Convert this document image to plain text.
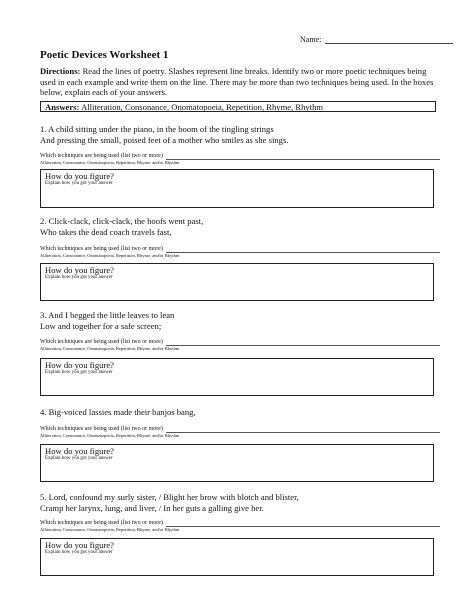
Name:
Poetic Devices Worksheet 1
Directions: Read the lines of poetry. Slashes represent line breaks. Identify two or more poetic techniques being used in each example and write them on the line. There may be more than two techniques being used. In the boxes below, explain each of your answers.
Answers: Alliteration, Consonance, Onomatopoeia, Repetition, Rhyme, Rhythm
1. A child sitting under the piano, in the boom of the tingling strings
And pressing the small, poised feet of a mother who smiles as she sings.
Which techniques are being used (list two or more)
Alliteration, Consonance, Onomatopoeia, Repetition, Rhyme, and/or Rhythm
How do you figure?
Explain how you got your answer
2. Click-clack, click-clack, the hoofs went past,
Who takes the dead coach travels fast,
Which techniques are being used (list two or more)
Alliteration, Consonance, Onomatopoeia, Repetition, Rhyme, and/or Rhythm
How do you figure?
Explain how you got your answer
3. And I begged the little leaves to lean
Low and together for a safe screen;
Which techniques are being used (list two or more)
Alliteration, Consonance, Onomatopoeia, Repetition, Rhyme, and/or Rhythm
How do you figure?
Explain how you got your answer
4. Big-voiced lassies made their banjos bang,
Which techniques are being used (list two or more)
Alliteration, Consonance, Onomatopoeia, Repetition, Rhyme, and/or Rhythm
How do you figure?
Explain how you got your answer
5. Lord, confound my surly sister, / Blight her brow with blotch and blister,
Cramp her larynx, lung, and liver, / In her guts a galling give her.
Which techniques are being used (list two or more)
Alliteration, Consonance, Onomatopoeia, Repetition, Rhyme, and/or Rhythm
How do you figure?
Explain how you got your answer
